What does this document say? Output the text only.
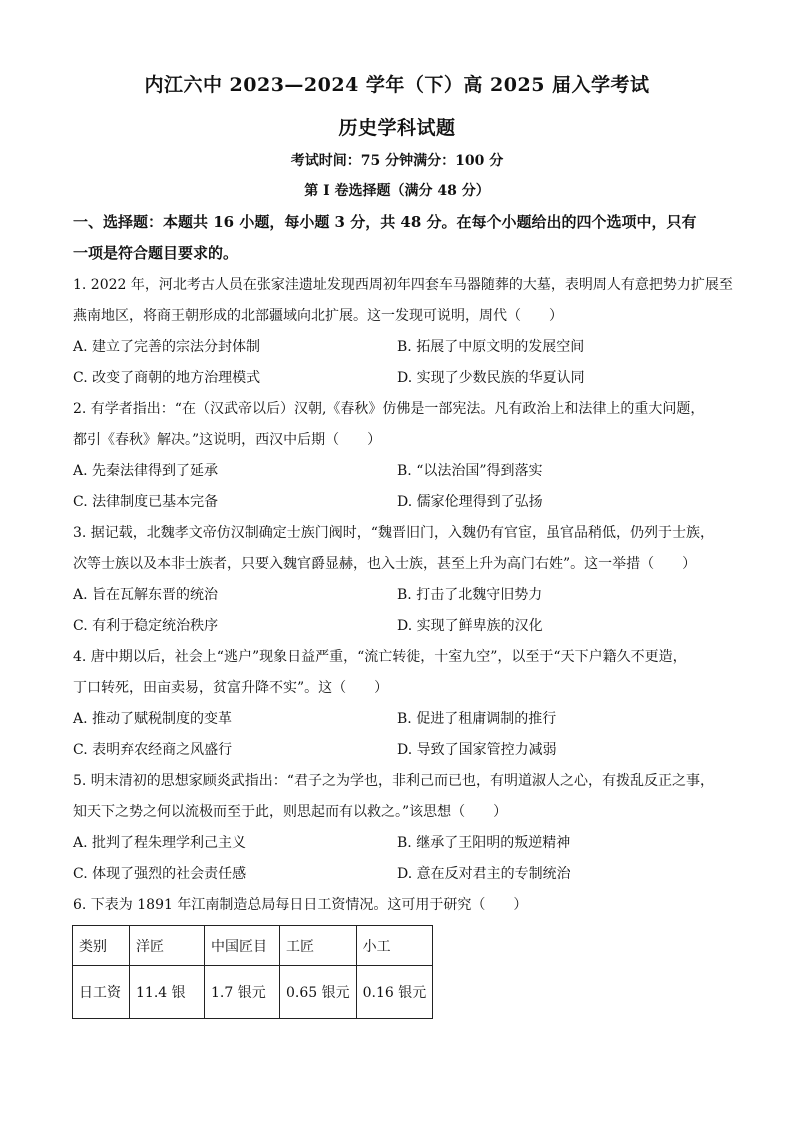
内江六中 2023—2024 学年（下）高 2025 届入学考试
历史学科试题
考试时间：75 分钟满分：100 分
第 I 卷选择题（满分 48 分）
一、选择题：本题共 16 小题，每小题 3 分，共 48 分。在每个小题给出的四个选项中，只有
一项是符合题目要求的。
1. 2022 年，河北考古人员在张家洼遗址发现西周初年四套车马器随葬的大墓，表明周人有意把势力扩展至
燕南地区，将商王朝形成的北部疆域向北扩展。这一发现可说明，周代（　　）
A. 建立了完善的宗法分封体制	B. 拓展了中原文明的发展空间
C. 改变了商朝的地方治理模式	D. 实现了少数民族的华夏认同
2. 有学者指出：“在（汉武帝以后）汉朝,《春秋》仿佛是一部宪法。凡有政治上和法律上的重大问题，
都引《春秋》解决。”这说明，西汉中后期（　　）
A. 先秦法律得到了延承	B. “以法治国”得到落实
C. 法律制度已基本完备	D. 儒家伦理得到了弘扬
A. 旨在瓦解东晋的统治	B. 打击了北魏守旧势力
C. 有利于稳定统治秩序	D. 实现了鲜卑族的汉化
4. 唐中期以后，社会上“逃户”现象日益严重，“流亡转徙，十室九空”，以至于“天下户籍久不更造，
丁口转死，田亩卖易，贫富升降不实”。这（　　）
A. 推动了赋税制度的变革	B. 促进了租庸调制的推行
C. 表明弃农经商之风盛行	D. 导致了国家管控力减弱
5. 明末清初的思想家顾炎武指出：“君子之为学也，非利己而已也，有明道淑人之心，有拨乱反正之事，
知天下之势之何以流极而至于此，则思起而有以救之。”该思想（　　）
A. 批判了程朱理学利己主义	B. 继承了王阳明的叛逆精神
C. 体现了强烈的社会责任感	D. 意在反对君主的专制统治
6. 下表为 1891 年江南制造总局每日日工资情况。这可用于研究（　　）
类别	洋匠	中国匠目	工匠	小工
日工资	11.4 银	1.7 银元	0.65 银元	0.16 银元
3. 据记载，北魏孝文帝仿汉制确定士族门阀时，“魏晋旧门，入魏仍有官宦，虽官品稍低，仍列于士族，
次等士族以及本非士族者，只要入魏官爵显赫，也入士族，甚至上升为高门右姓”。这一举措（　　）
